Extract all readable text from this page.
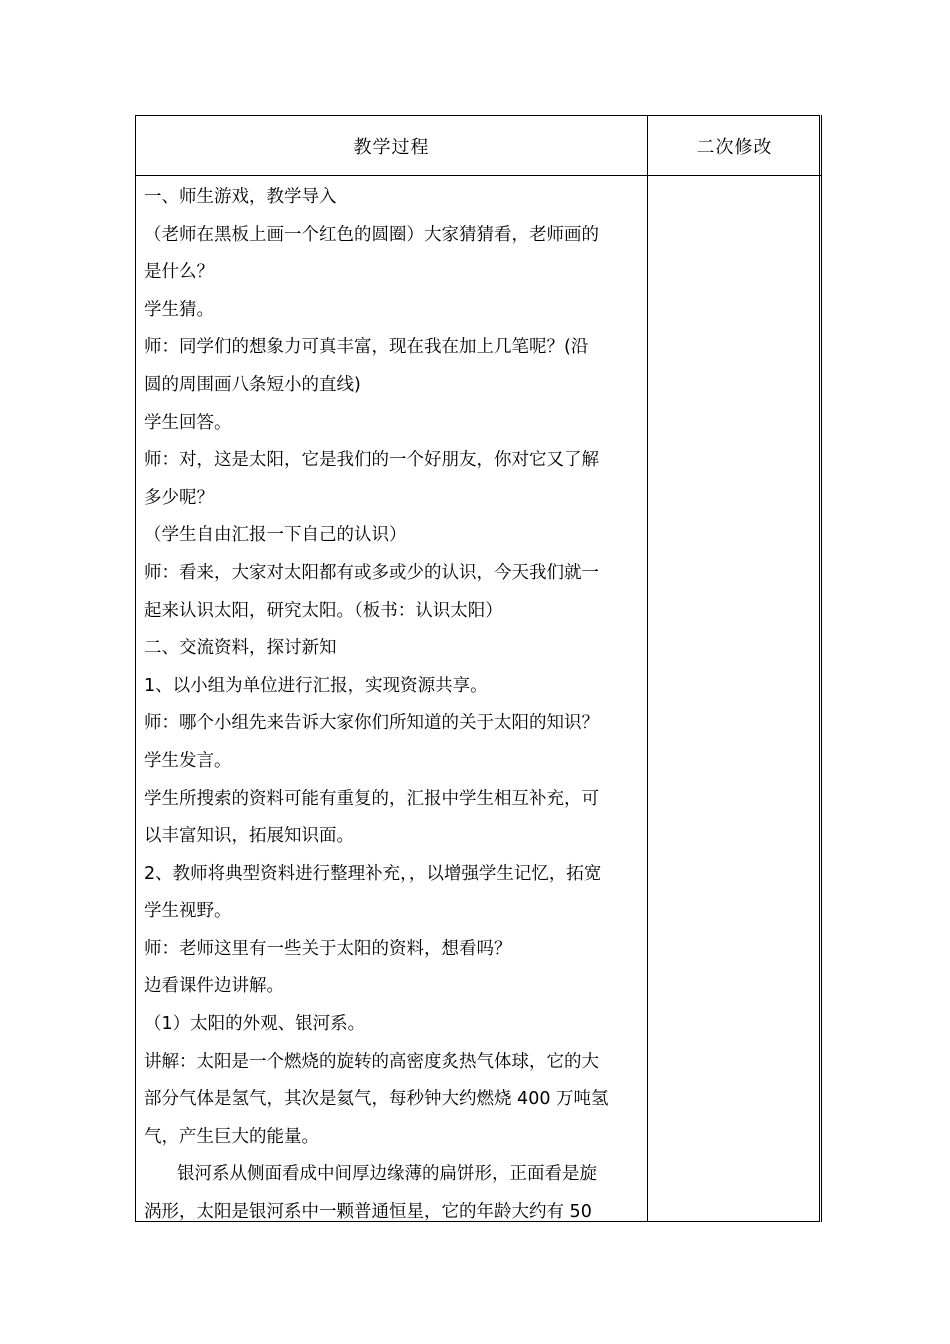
教学过程	二次修改

一、师生游戏，教学导入

（老师在黑板上画一个红色的圆圈）大家猜猜看，老师画的

是什么？

学生猜。

师：同学们的想象力可真丰富，现在我在加上几笔呢？(沿

圆的周围画八条短小的直线)

学生回答。

师：对，这是太阳，它是我们的一个好朋友，你对它又了解

多少呢？

（学生自由汇报一下自己的认识）

师：看来，大家对太阳都有或多或少的认识，今天我们就一

起来认识太阳，研究太阳。（板书：认识太阳）

二、交流资料，探讨新知

1、以小组为单位进行汇报，实现资源共享。

师：哪个小组先来告诉大家你们所知道的关于太阳的知识？

学生发言。

学生所搜索的资料可能有重复的，汇报中学生相互补充，可

以丰富知识，拓展知识面。

2、教师将典型资料进行整理补充，，以增强学生记忆，拓宽

学生视野。

师：老师这里有一些关于太阳的资料，想看吗？

边看课件边讲解。

（1）太阳的外观、银河系。

讲解：太阳是一个燃烧的旋转的高密度炙热气体球，它的大

部分气体是氢气，其次是氦气，每秒钟大约燃烧 400 万吨氢

气，产生巨大的能量。

银河系从侧面看成中间厚边缘薄的扁饼形，正面看是旋

涡形，太阳是银河系中一颗普通恒星，它的年龄大约有 50
